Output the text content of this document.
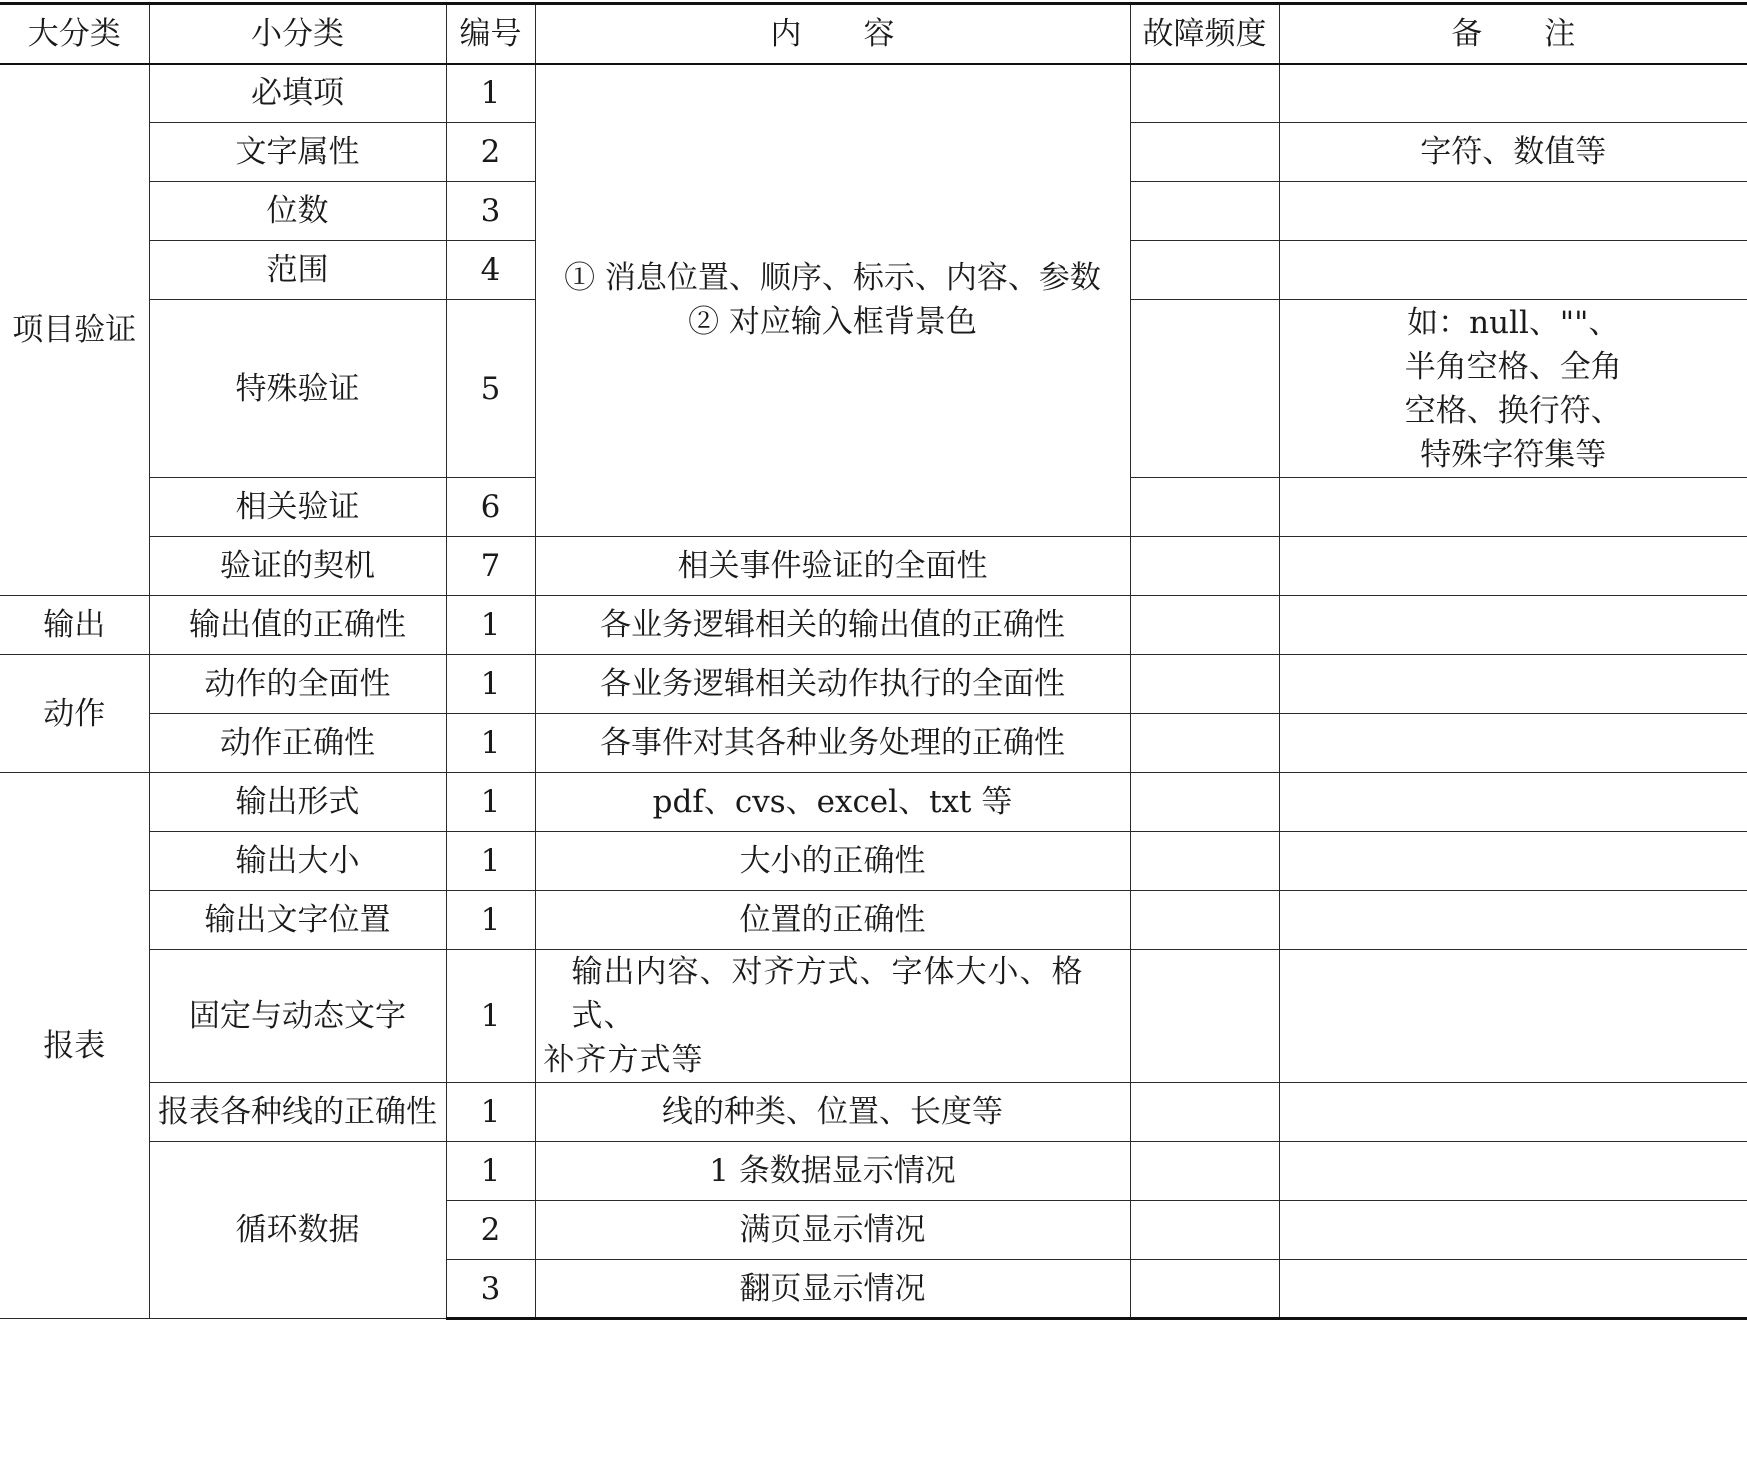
大分类	小分类	编号	内　　容	故障频度	备　　注
项目验证	必填项	1	① 消息位置、顺序、标示、内容、参数
② 对应输入框背景色		

	文字属性	2			字符、数值等
	位数	3			
	范围	4			
	特殊验证	5			如：null、""、
半角空格、全角
空格、换行符、
特殊字符集等

	相关验证	6			
	验证的契机	7	相关事件验证的全面性		
输出	输出值的正确性	1	各业务逻辑相关的输出值的正确性		
动作	动作的全面性	1	各业务逻辑相关动作执行的全面性		
	动作正确性	1	各事件对其各种业务处理的正确性		
报表	输出形式	1	pdf、cvs、excel、txt 等		
	输出大小	1	大小的正确性		
	输出文字位置	1	位置的正确性		
	固定与动态文字	1	输出内容、对齐方式、字体大小、格式、
补齐方式等		

	报表各种线的正确性	1	线的种类、位置、长度等		
	循环数据	1	1 条数据显示情况		
		2	满页显示情况		
		3	翻页显示情况		
